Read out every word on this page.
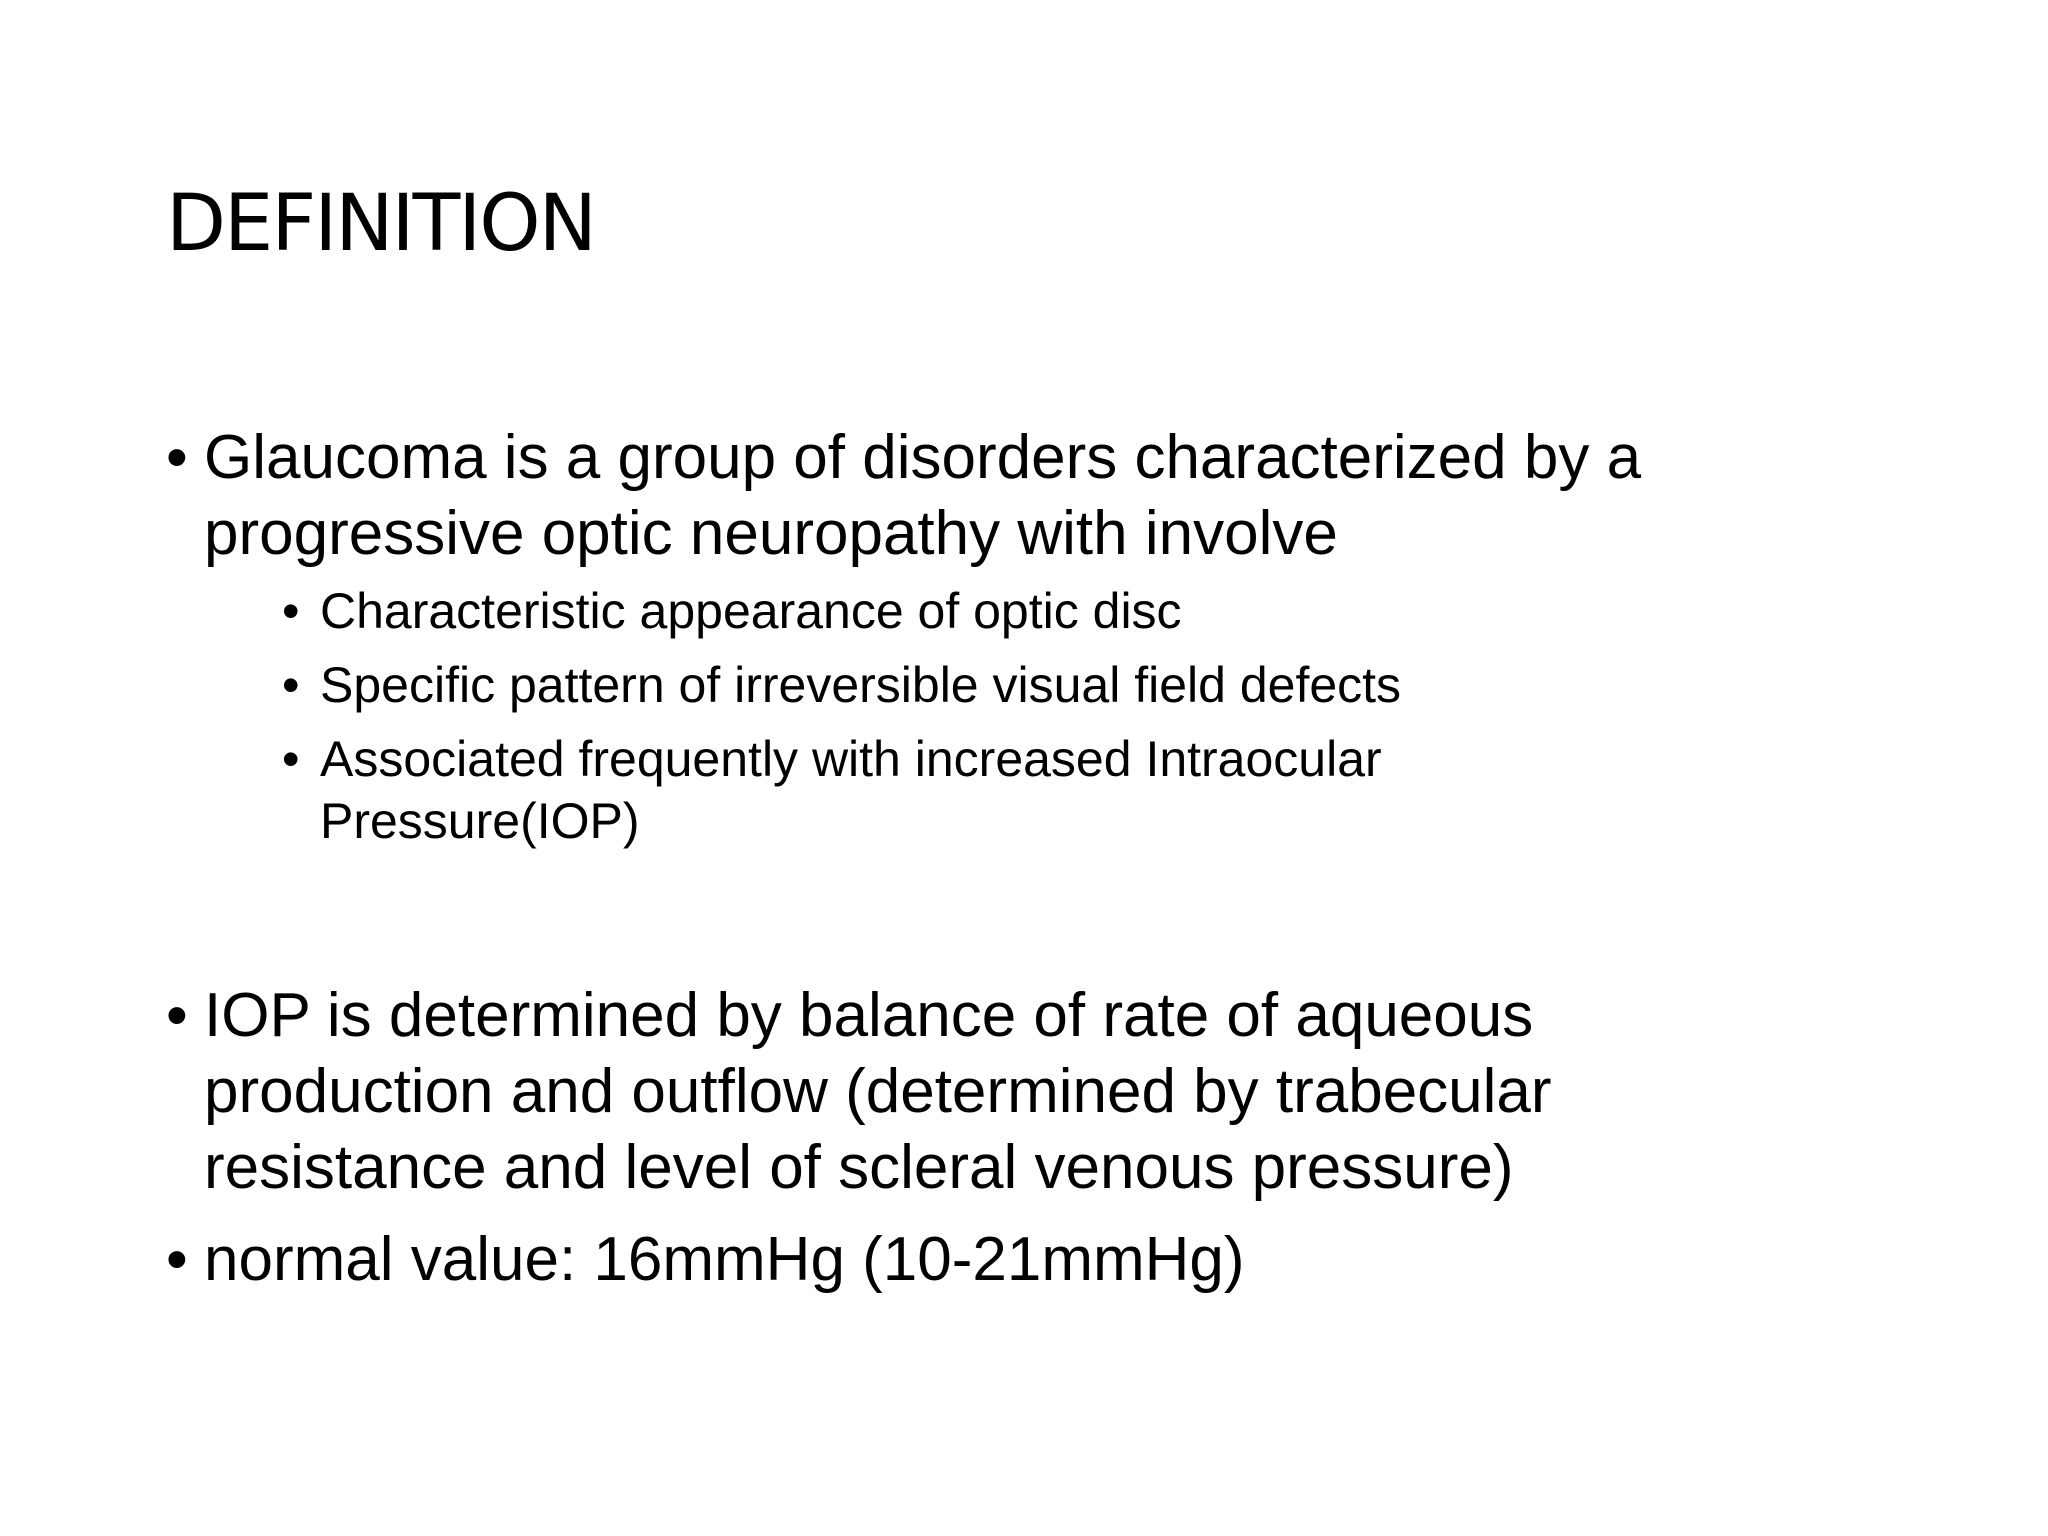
DEFINITION
• Glaucoma is a group of disorders characterized by a
progressive optic neuropathy with involve
• Characteristic appearance of optic disc
• Specific pattern of irreversible visual field defects
• Associated frequently with increased Intraocular
Pressure(IOP)
• IOP is determined by balance of rate of aqueous
production and outflow (determined by trabecular
resistance and level of scleral venous pressure)
• normal value: 16mmHg (10-21mmHg)
